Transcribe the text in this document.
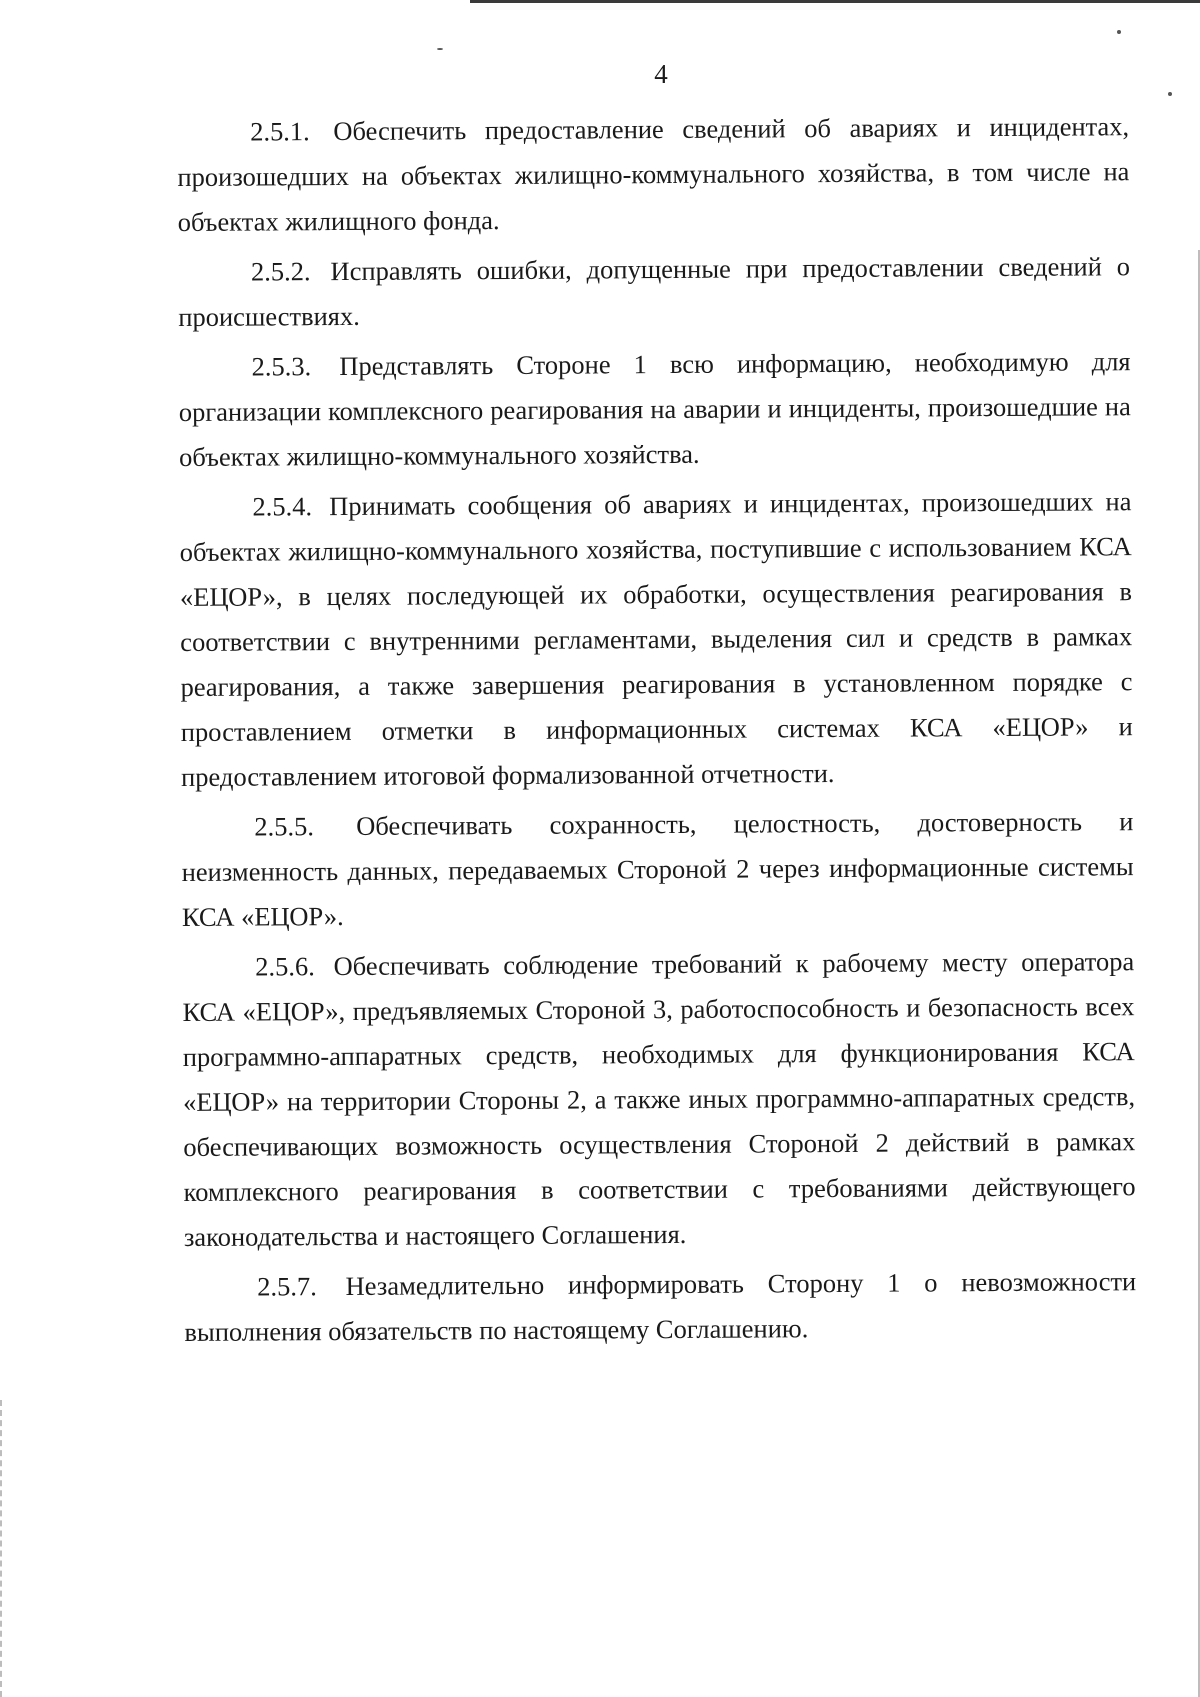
4

2.5.1. Обеспечить предоставление сведений об авариях и инцидентах, произошедших на объектах жилищно-коммунального хозяйства, в том числе на объектах жилищного фонда.

2.5.2. Исправлять ошибки, допущенные при предоставлении сведений о происшествиях.

2.5.3. Представлять Стороне 1 всю информацию, необходимую для организации комплексного реагирования на аварии и инциденты, произошедшие на объектах жилищно-коммунального хозяйства.

2.5.4. Принимать сообщения об авариях и инцидентах, произошедших на объектах жилищно-коммунального хозяйства, поступившие с использованием КСА «ЕЦОР», в целях последующей их обработки, осуществления реагирования в соответствии с внутренними регламентами, выделения сил и средств в рамках реагирования, а также завершения реагирования в установленном порядке с проставлением отметки в информационных системах КСА «ЕЦОР» и предоставлением итоговой формализованной отчетности.

2.5.5. Обеспечивать сохранность, целостность, достоверность и неизменность данных, передаваемых Стороной 2 через информационные системы КСА «ЕЦОР».

2.5.6. Обеспечивать соблюдение требований к рабочему месту оператора КСА «ЕЦОР», предъявляемых Стороной 3, работоспособность и безопасность всех программно-аппаратных средств, необходимых для функционирования КСА «ЕЦОР» на территории Стороны 2, а также иных программно-аппаратных средств, обеспечивающих возможность осуществления Стороной 2 действий в рамках комплексного реагирования в соответствии с требованиями действующего законодательства и настоящего Соглашения.

2.5.7. Незамедлительно информировать Сторону 1 о невозможности выполнения обязательств по настоящему Соглашению.
